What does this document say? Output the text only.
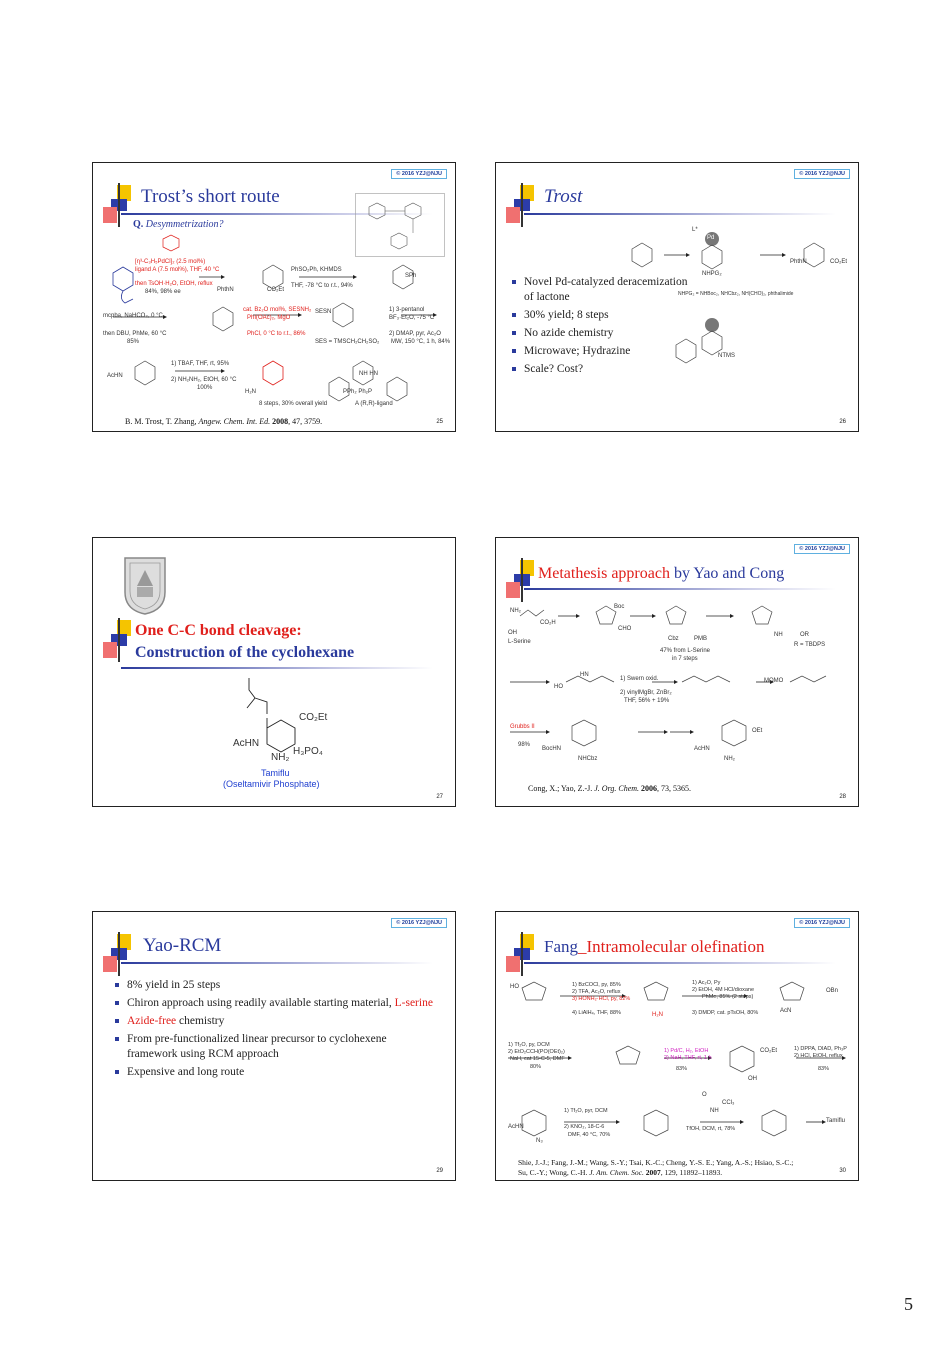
© 2016 YZJ@NJU
Trost’s short route
Q. Desymmetrization?
[η³-C₃H₅PdCl]₂ (2.5 mol%)
ligand A (7.5 mol%), THF, 40 °C
then TsOH·H₂O, EtOH, reflux
84%, 98% ee
PhSO₂Ph, KHMDS
THF, -78 °C to r.t., 94%
mcpba, NaHCO₃, 0 °C
then DBU, PhMe, 60 °C
85%
cat. Bz₂O mol%, SESNH₂
PhI(OAc)₂, MgO
PhCl, 0 °C to r.t., 86%
1) 3-pentanol
BF₃·Et₂O, -75 °C
2) DMAP, pyr, Ac₂O
MW, 150 °C, 1 h, 84%
SES = TMSCH₂CH₂SO₂
1) TBAF, THF, rt, 95%
2) NH₂NH₂, EtOH, 60 °C
100%
8 steps, 30% overall yield	A (R,R)-ligand
PhthN	CO₂Et
SPh
SESN
AcHN
H₂N	PPh₂ Ph₂P
NH HN
B. M. Trost, T. Zhang, Angew. Chem. Int. Ed. 2008, 47, 3759.	25
© 2016 YZJ@NJU
Trost
Pd
L*
NHPG₂
PhthN	CO₂Et
NTMS
NHPG₂ = NHBoc₂, NHCbz₂, NH(CHO)₂, phthalimide
Novel Pd-catalyzed deracemization of lactone
30% yield; 8 steps
No azide chemistry
Microwave; Hydrazine
Scale? Cost?
26
One C-C bond cleavage:
Construction of the cyclohexane
CO₂Et
AcHN
NH₂
H₃PO₄
Tamiflu
(Oseltamivir Phosphate)
27
© 2016 YZJ@NJU
Metathesis approach by Yao and Cong
NH₂
CO₂H
OH
L-Serine
Boc
CHO
Cbz	PMB
47% from L-Serine
in 7 steps
NH	OR
R = TBDPS
HO
HN
1) Swern oxid.
2) vinylMgBr, ZnBr₂
THF, 56% + 19%
MOMO
Grubbs II
98%
BocHN
NHCbz
OEt
AcHN
NH₂
Cong, X.; Yao, Z.-J. J. Org. Chem. 2006, 73, 5365.
28
© 2016 YZJ@NJU
Yao-RCM
8% yield in 25 steps
Chiron approach using readily available starting material, L-serine
Azide-free chemistry
From pre-functionalized linear precursor to cyclohexene framework using RCM approach
Expensive and long route
29
© 2016 YZJ@NJU
Fang_Intramolecular olefination
1) BzCOCl, py, 85%
2) TFA, Ac₂O, reflux
3) HONH₂·HCl, py, 82%
4) LiAlH₄, THF, 88%
1) Ac₂O, Py
2) EtOH, 4M HCl/dioxane
PhMe, 85% (2 steps)
3) DMDP, cat. pTsOH, 80%
1) Tf₂O, py, DCM
2) EtO₂CCH(PO(OEt)₂)
NaH, cat 15-C-5, DMF
80%
1) Pd/C, H₂, EtOH
2) NaH, THF, rt, 1 h
83%
1) DPPA, DIAD, Ph₃P
2) HCl, EtOH, reflux
83%
1) Tf₂O, pyr, DCM
2) KNO₂, 18-C-6
DMF, 40 °C, 70%
TfOH, DCM, rt, 78%
Tamiflu
HO
OBn
AcN
H₂N
CO₂Et
OH
AcHN
N₃
NH
O
CCl₃
Shie, J.-J.; Fang, J.-M.; Wang, S.-Y.; Tsai, K.-C.; Cheng, Y.-S. E.; Yang, A.-S.; Hsiao, S.-C.;
Su, C.-Y.; Wong, C.-H. J. Am. Chem. Soc. 2007, 129, 11892–11893.	30
5
